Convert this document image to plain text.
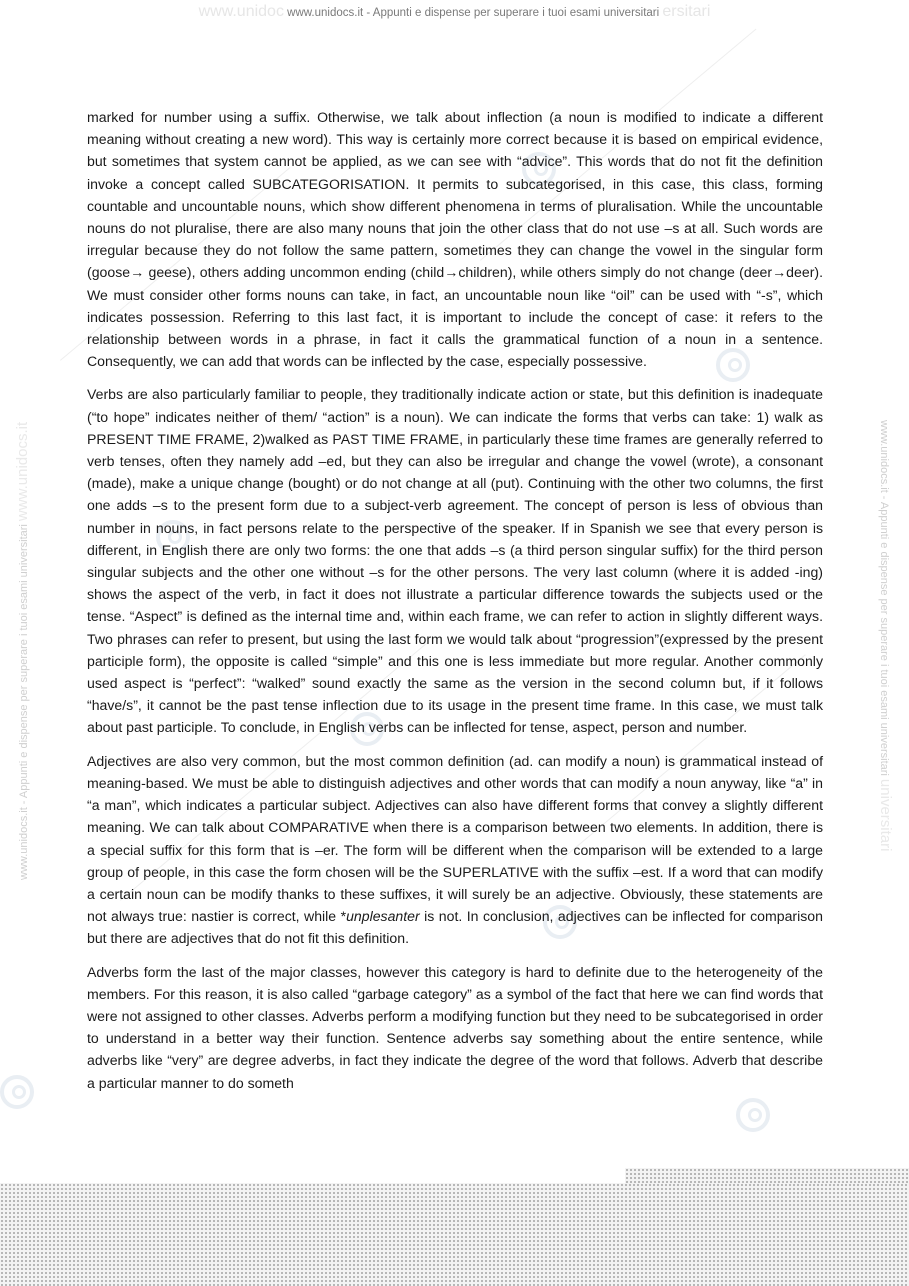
www.unidoc www.unidocs.it - Appunti e dispense per superare i tuoi esami universitari ersitari
www.unidocs.it - Appunti e dispense per superare i tuoi esami universitari www.unidocs.it	www.unidocs.it - Appunti e dispense per superare i tuoi esami universitari universitari

marked for number using a suffix. Otherwise, we talk about inflection (a noun is modified to indicate a different meaning without creating a new word). This way is certainly more correct because it is based on empirical evidence, but sometimes that system cannot be applied, as we can see with “advice”. This words that do not fit the definition invoke a concept called SUBCATEGORISATION. It permits to subcategorised, in this case, this class, forming countable and uncountable nouns, which show different phenomena in terms of pluralisation. While the uncountable nouns do not pluralise, there are also many nouns that join the other class that do not use –s at all. Such words are irregular because they do not follow the same pattern, sometimes they can change the vowel in the singular form (goose→ geese), others adding uncommon ending (child→children), while others simply do not change (deer→deer). We must consider other forms nouns can take, in fact, an uncountable noun like “oil” can be used with “-s”, which indicates possession. Referring to this last fact, it is important to include the concept of case: it refers to the relationship between words in a phrase, in fact it calls the grammatical function of a noun in a sentence. Consequently, we can add that words can be inflected by the case, especially possessive.

Verbs are also particularly familiar to people, they traditionally indicate action or state, but this definition is inadequate (“to hope” indicates neither of them/ “action” is a noun). We can indicate the forms that verbs can take: 1) walk as PRESENT TIME FRAME, 2)walked as PAST TIME FRAME, in particularly these time frames are generally referred to verb tenses, often they namely add –ed, but they can also be irregular and change the vowel (wrote), a consonant (made), make a unique change (bought) or do not change at all (put). Continuing with the other two columns, the first one adds –s to the present form due to a subject-verb agreement. The concept of person is less of obvious than number in nouns, in fact persons relate to the perspective of the speaker. If in Spanish we see that every person is different, in English there are only two forms: the one that adds –s (a third person singular suffix) for the third person singular subjects and the other one without –s for the other persons. The very last column (where it is added -ing) shows the aspect of the verb, in fact it does not illustrate a particular difference towards the subjects used or the tense. “Aspect” is defined as the internal time and, within each frame, we can refer to action in slightly different ways. Two phrases can refer to present, but using the last form we would talk about “progression”(expressed by the present participle form), the opposite is called “simple” and this one is less immediate but more regular. Another commonly used aspect is “perfect”: “walked” sound exactly the same as the version in the second column but, if it follows “have/s”, it cannot be the past tense inflection due to its usage in the present time frame. In this case, we must talk about past participle. To conclude, in English verbs can be inflected for tense, aspect, person and number.

Adjectives are also very common, but the most common definition (ad. can modify a noun) is grammatical instead of meaning-based. We must be able to distinguish adjectives and other words that can modify a noun anyway, like “a” in “a man”, which indicates a particular subject. Adjectives can also have different forms that convey a slightly different meaning. We can talk about COMPARATIVE when there is a comparison between two elements. In addition, there is a special suffix for this form that is –er. The form will be different when the comparison will be extended to a large group of people, in this case the form chosen will be the SUPERLATIVE with the suffix –est. If a word that can modify a certain noun can be modify thanks to these suffixes, it will surely be an adjective. Obviously, these statements are not always true: nastier is correct, while *unplesanter is not. In conclusion, adjectives can be inflected for comparison but there are adjectives that do not fit this definition.

Adverbs form the last of the major classes, however this category is hard to definite due to the heterogeneity of the members. For this reason, it is also called “garbage category” as a symbol of the fact that here we can find words that were not assigned to other classes. Adverbs perform a modifying function but they need to be subcategorised in order to understand in a better way their function. Sentence adverbs say something about the entire sentence, while adverbs like “very” are degree adverbs, in fact they indicate the degree of the word that follows. Adverb that describe a particular manner to do someth
